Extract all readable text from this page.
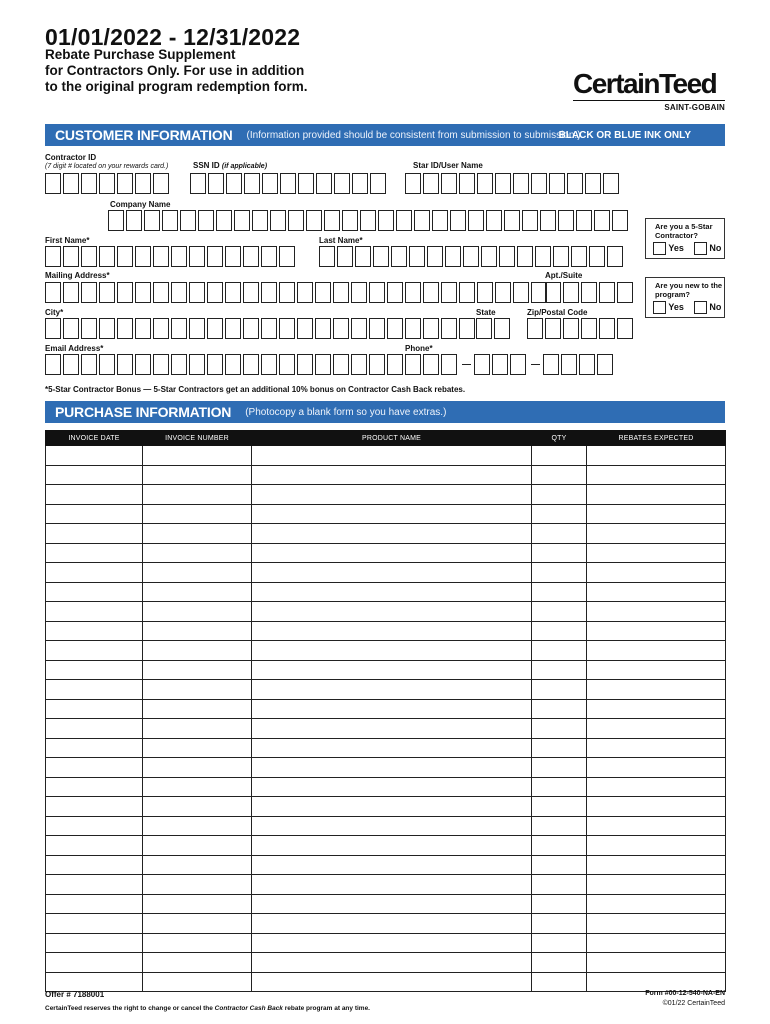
01/01/2022 - 12/31/2022
Rebate Purchase Supplement
for Contractors Only. For use in addition
to the original program redemption form.	CertainTeed
SAINT-GOBAIN
CUSTOMER INFORMATION	(Information provided should be consistent from submission to submission.)
BLACK OR BLUE INK ONLY
Contractor ID
(7 digit # located on your rewards card.)	SSN ID (if applicable)	Star ID/User Name
Company Name
First Name*	Last Name*
Are you a 5-Star Contractor?
Yes	No
Mailing Address*	Apt./Suite
Are you new to the program?
Yes	No
City*	State	Zip/Postal Code
Email Address*	Phone*
*5-Star Contractor Bonus — 5-Star Contractors get an additional 10% bonus on Contractor Cash Back rebates.
PURCHASE INFORMATION	(Photocopy a blank form so you have extras.)
INVOICE DATE	INVOICE NUMBER	PRODUCT NAME	QTY	REBATES EXPECTED

Offer # 7188001
CertainTeed reserves the right to change or cancel the Contractor Cash Back rebate program at any time.
Form #00-12-540-NA-EN
©01/22 CertainTeed
